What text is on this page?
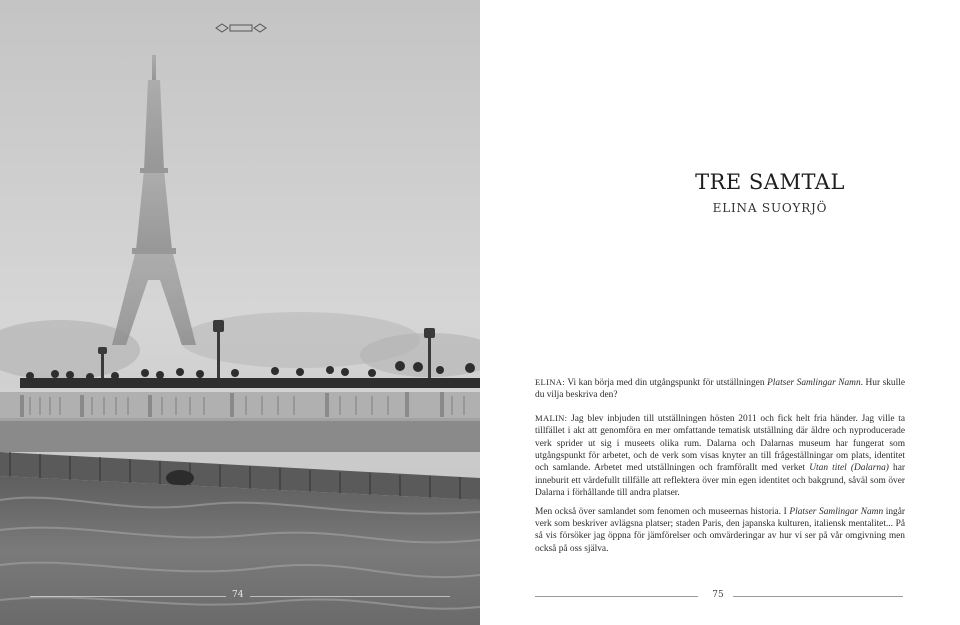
74
TRE SAMTAL
ELINA SUOYRJÖ

ELINA: Vi kan börja med din utgångspunkt för utställningen Platser Samlingar Namn. Hur skulle du vilja beskriva den?

MALIN: Jag blev inbjuden till utställningen hösten 2011 och fick helt fria händer. Jag ville ta tillfället i akt att genomföra en mer omfattande tematisk utställning där äldre och nyproducerade verk sprider ut sig i museets olika rum. Dalarna och Dalarnas museum har fungerat som utgångspunkt för arbetet, och de verk som visas knyter an till frågeställningar om plats, identitet och samlande. Arbetet med utställningen och framförallt med verket Utan titel (Dalarna) har inneburit ett värdefullt tillfälle att reflektera över min egen identitet och bakgrund, såväl som över Dalarna i förhållande till andra platser.

Men också över samlandet som fenomen och museernas historia. I Platser Samlingar Namn ingår verk som beskriver avlägsna platser; staden Paris, den japanska kulturen, italiensk mentalitet... På så vis försöker jag öppna för jämförelser och omvärderingar av hur vi ser på vår omgivning men också på oss själva.

75
